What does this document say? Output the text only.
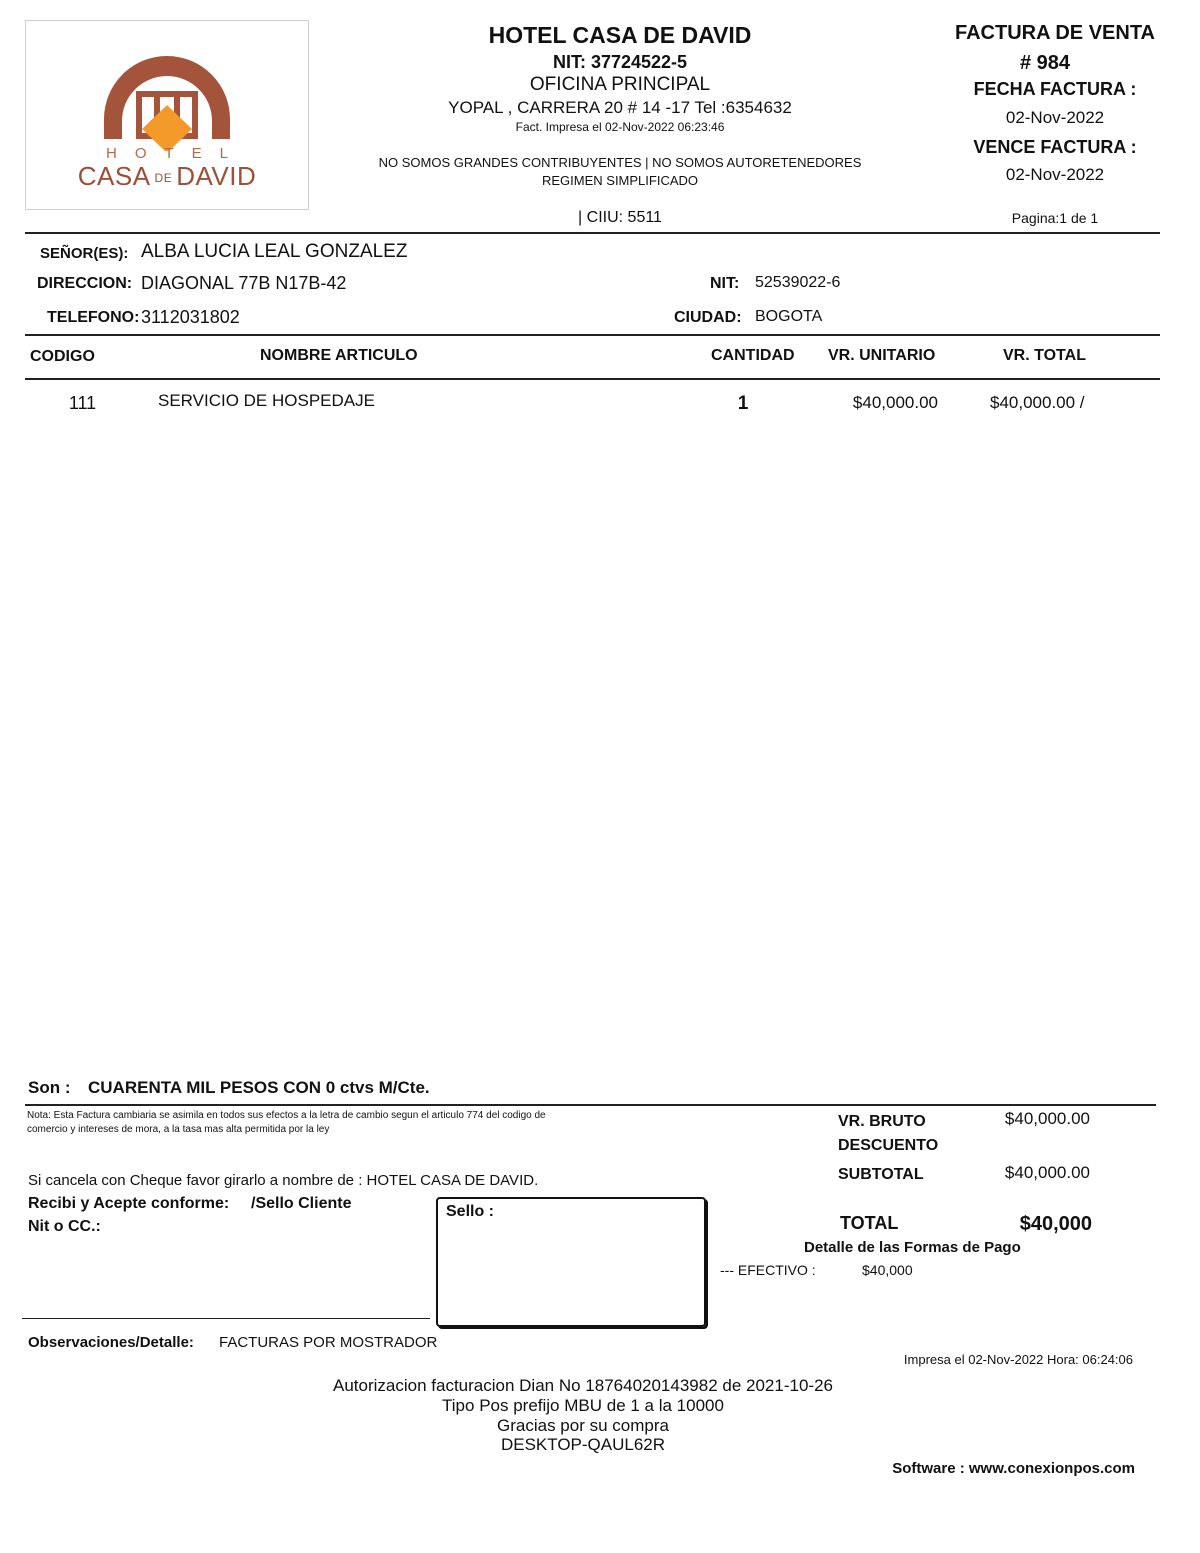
HOTEL
CASA DE DAVID
HOTEL CASA DE DAVID
NIT: 37724522-5
OFICINA PRINCIPAL
YOPAL , CARRERA 20 # 14 -17 Tel :6354632
Fact. Impresa el 02-Nov-2022 06:23:46
NO SOMOS GRANDES CONTRIBUYENTES | NO SOMOS AUTORETENEDORES
REGIMEN SIMPLIFICADO
| CIIU: 5511
FACTURA DE VENTA
# 984
FECHA FACTURA :
02-Nov-2022
VENCE FACTURA :
02-Nov-2022
Pagina:1 de 1
SEÑOR(ES): ALBA LUCIA LEAL GONZALEZ
DIRECCION: DIAGONAL 77B N17B-42	NIT: 52539022-6
TELEFONO: 3112031802	CIUDAD: BOGOTA
CODIGO	NOMBRE ARTICULO	CANTIDAD VR. UNITARIO	VR. TOTAL
111	SERVICIO DE HOSPEDAJE	1	$40,000.00	$40,000.00 /
Son : CUARENTA MIL PESOS CON 0 ctvs M/Cte.
Nota: Esta Factura cambiaria se asimila en todos sus efectos a la letra de cambio segun el articulo 774 del codigo de
comercio y intereses de mora, a la tasa mas alta permitida por la ley
Si cancela con Cheque favor girarlo a nombre de : HOTEL CASA DE DAVID.
Recibi y Acepte conforme: /Sello Cliente
Nit o CC.:
Sello :
VR. BRUTO	$40,000.00
DESCUENTO
SUBTOTAL	$40,000.00
TOTAL	$40,000
Detalle de las Formas de Pago
--- EFECTIVO :	$40,000
Observaciones/Detalle: FACTURAS POR MOSTRADOR
Impresa el 02-Nov-2022 Hora: 06:24:06
Autorizacion facturacion Dian No 18764020143982 de 2021-10-26
Tipo Pos prefijo MBU de 1 a la 10000
Gracias por su compra
DESKTOP-QAUL62R
Software : www.conexionpos.com
